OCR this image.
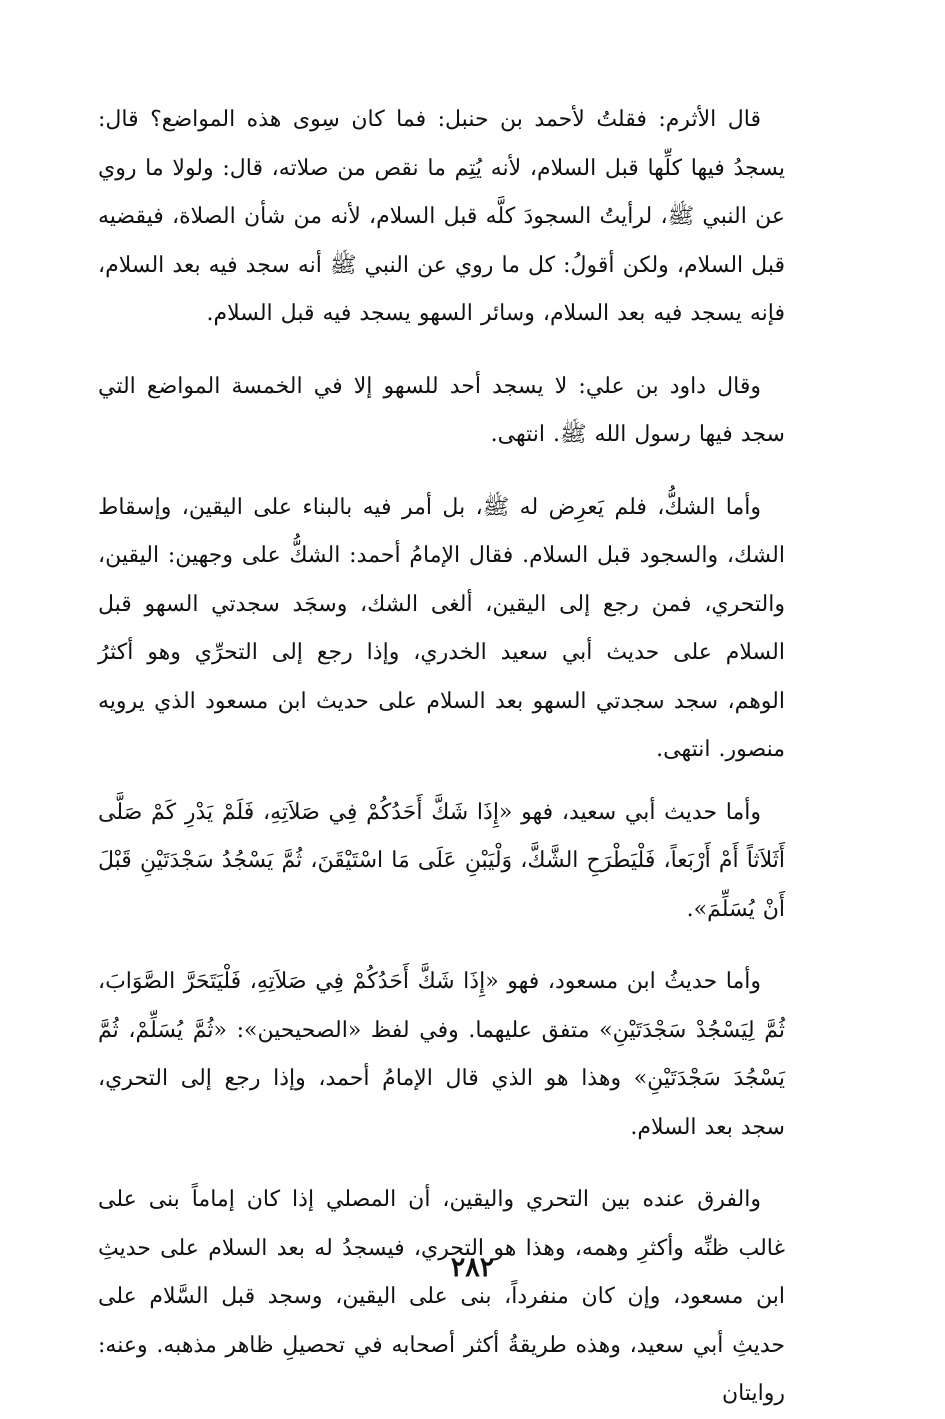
قال الأثرم: فقلتُ لأحمد بن حنبل: فما كان سِوى هذه المواضع؟ قال: يسجدُ فيها كلِّها قبل السلام، لأنه يُتِم ما نقص من صلاته، قال: ولولا ما روي عن النبي ﷺ، لرأيتُ السجودَ كلَّه قبل السلام، لأنه من شأن الصلاة، فيقضيه قبل السلام، ولكن أقولُ: كل ما روي عن النبي ﷺ أنه سجد فيه بعد السلام، فإنه يسجد فيه بعد السلام، وسائر السهو يسجد فيه قبل السلام.

وقال داود بن علي: لا يسجد أحد للسهو إلا في الخمسة المواضع التي سجد فيها رسول الله ﷺ. انتهى.

وأما الشكُّ، فلم يَعرِض له ﷺ، بل أمر فيه بالبناء على اليقين، وإسقاط الشك، والسجود قبل السلام. فقال الإمامُ أحمد: الشكُّ على وجهين: اليقين، والتحري، فمن رجع إلى اليقين، ألغى الشك، وسجَد سجدتي السهو قبل السلام على حديث أبي سعيد الخدري، وإذا رجع إلى التحرِّي وهو أكثرُ الوهم، سجد سجدتي السهو بعد السلام على حديث ابن مسعود الذي يرويه منصور. انتهى.

وأما حديث أبي سعيد، فهو «إِذَا شَكَّ أَحَدُكُمْ فِي صَلاَتِهِ، فَلَمْ يَدْرِ كَمْ صَلَّى أَثَلاَثاً أَمْ أَرْبَعاً، فَلْيَطْرَحِ الشَّكَّ، وَلْيَبْنِ عَلَى مَا اسْتَيْقَنَ، ثُمَّ يَسْجُدُ سَجْدَتَيْنِ قَبْلَ أَنْ يُسَلِّمَ».

وأما حديثُ ابن مسعود، فهو «إِذَا شَكَّ أَحَدُكُمْ فِي صَلاَتِهِ، فَلْيَتَحَرَّ الصَّوَابَ، ثُمَّ لِيَسْجُدْ سَجْدَتَيْنِ» متفق عليهما. وفي لفظ «الصحيحين»: «ثُمَّ يُسَلِّمْ، ثُمَّ يَسْجُدَ سَجْدَتَيْنِ» وهذا هو الذي قال الإمامُ أحمد، وإذا رجع إلى التحري، سجد بعد السلام.

والفرق عنده بين التحري واليقين، أن المصلي إذا كان إماماً بنى على غالب ظنِّه وأكثرِ وهمه، وهذا هو التحري، فيسجدُ له بعد السلام على حديثِ ابن مسعود، وإن كان منفرداً، بنى على اليقين، وسجد قبل السَّلام على حديثِ أبي سعيد، وهذه طريقةُ أكثر أصحابه في تحصيلِ ظاهر مذهبه. وعنه: روايتان

٢٨٢
